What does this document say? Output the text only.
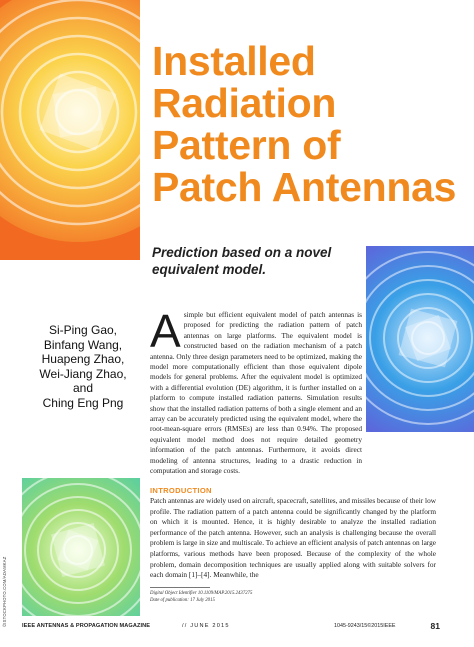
Installed
Radiation
Pattern of
Patch Antennas

Prediction based on a novel
equivalent model.

Si-Ping Gao,
Binfang Wang,
Huapeng Zhao,
Wei-Jiang Zhao,
and
Ching Eng Png
©ISTOCKPHOTO.COM/ADAMKAZ
Asimple but efficient equivalent model of patch antennas is proposed for predicting the radiation pattern of patch antennas on large platforms. The equivalent model is constructed based on the radiation mechanism of a patch antenna. Only three design parameters need to be optimized, making the model more computationally efficient than those equivalent dipole models for general problems. After the equivalent model is optimized with a differential evolution (DE) algorithm, it is further installed on a platform to compute installed radiation patterns. Simulation results show that the installed radiation patterns of both a single element and an array can be accurately predicted using the equivalent model, where the root-mean-square errors (RMSEs) are less than 0.94%. The proposed equivalent model method does not require detailed geometry information of the patch antennas. Furthermore, it avoids direct modeling of antenna structures, leading to a drastic reduction in computation and storage costs.
INTRODUCTION
Patch antennas are widely used on aircraft, spacecraft, satellites, and missiles because of their low profile. The radiation pattern of a patch antenna could be significantly changed by the platform on which it is mounted. Hence, it is highly desirable to analyze the installed radiation performance of the patch antenna. However, such an analysis is challenging because the overall problem is large in size and multiscale. To achieve an efficient analysis of patch antennas on large platforms, various methods have been proposed. Because of the complexity of the whole problem, domain decomposition techniques are usually applied along with suitable solvers for each domain [1]–[4]. Meanwhile, the
Digital Object Identifier 10.1109/MAP.2015.2437275
Date of publication: 17 July 2015
IEEE ANTENNAS & PROPAGATION MAGAZINE	// JUNE 2015	1045-9243/15©2015IEEE	81
